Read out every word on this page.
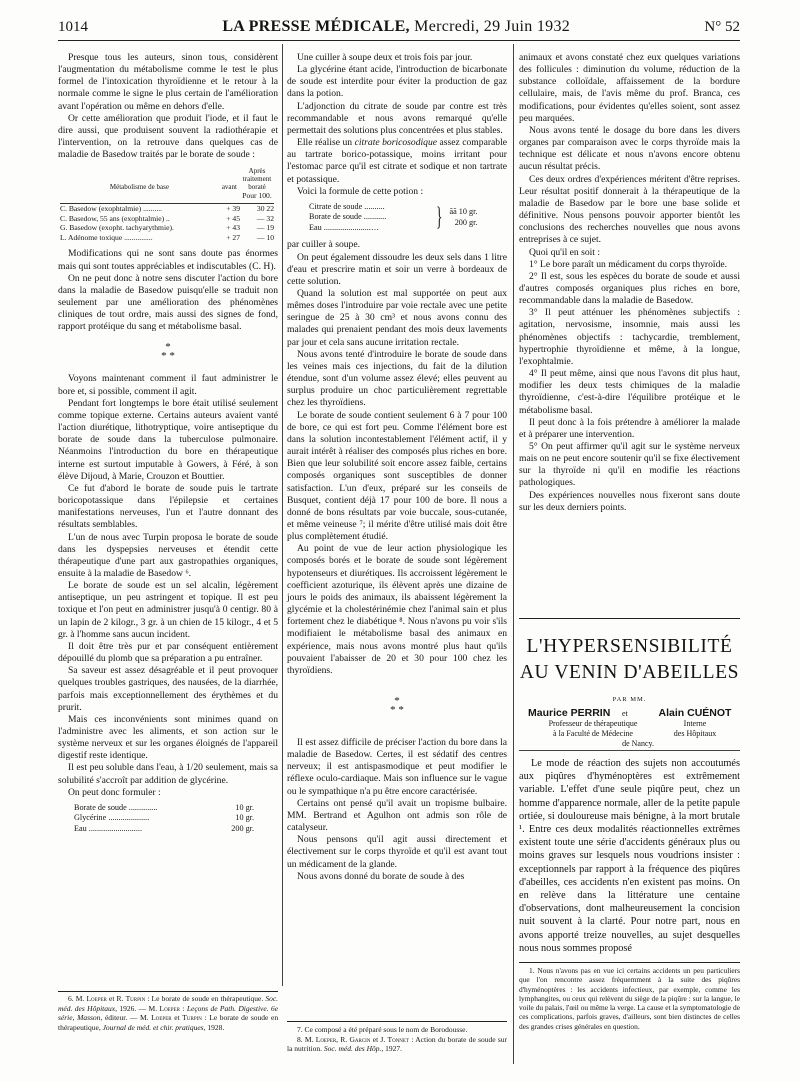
1014	LA PRESSE MÉDICALE, Mercredi, 29 Juin 1932	N° 52

Presque tous les auteurs, sinon tous, considèrent l'augmentation du métabolisme comme le test le plus formel de l'intoxication thyroïdienne et le retour à la normale comme le signe le plus certain de l'amélioration avant l'opération ou même en dehors d'elle.

Or cette amélioration que produit l'iode, et il faut le dire aussi, que produisent souvent la radiothérapie et l'intervention, on la retrouve dans quelques cas de maladie de Basedow traités par le borate de soude :

Métabolisme de base	avant	Après traitement boraté
		Pour 100.
C. Basedow (exophtalmie) ..........	+ 39	30 22
C. Basedow, 55 ans (exophtalmie) ..	+ 45	— 32
G. Basedow (exopht. tachyarythmie).	+ 43	— 19
L. Adénome toxique ...............	+ 27	— 10

Modifications qui ne sont sans doute pas énormes mais qui sont toutes appréciables et indiscutables (C. H).

On ne peut donc à notre sens discuter l'action du bore dans la maladie de Basedow puisqu'elle se traduit non seulement par une amélioration des phénomènes cliniques de tout ordre, mais aussi des signes de fond, rapport protéique du sang et métabolisme basal.

*
* *

Voyons maintenant comment il faut administrer le bore et, si possible, comment il agit.

Pendant fort longtemps le bore était utilisé seulement comme topique externe. Certains auteurs avaient vanté l'action diurétique, lithotryptique, voire antiseptique du borate de soude dans la tuberculose pulmonaire. Néanmoins l'introduction du bore en thérapeutique interne est surtout imputable à Gowers, à Féré, à son élève Dijoud, à Marie, Crouzon et Bouttier.

Ce fut d'abord le borate de soude puis le tartrate boricopotassique dans l'épilepsie et certaines manifestations nerveuses, l'un et l'autre donnant des résultats semblables.

L'un de nous avec Turpin proposa le borate de soude dans les dyspepsies nerveuses et étendit cette thérapeutique d'une part aux gastropathies organiques, ensuite à la maladie de Basedow ⁶.

Le borate de soude est un sel alcalin, légèrement antiseptique, un peu astringent et topique. Il est peu toxique et l'on peut en administrer jusqu'à 0 centigr. 80 à un lapin de 2 kilogr., 3 gr. à un chien de 15 kilogr., 4 et 5 gr. à l'homme sans aucun incident.

Il doit être très pur et par conséquent entièrement dépouillé du plomb que sa préparation a pu entraîner.

Sa saveur est assez désagréable et il peut provoquer quelques troubles gastriques, des nausées, de la diarrhée, parfois mais exceptionnellement des érythèmes et du prurit.

Mais ces inconvénients sont minimes quand on l'administre avec les aliments, et son action sur le système nerveux et sur les organes éloignés de l'appareil digestif reste identique.

Il est peu soluble dans l'eau, à 1/20 seulement, mais sa solubilité s'accroît par addition de glycérine.

On peut donc formuler :

Borate de soude ..............	10 gr.
Glycérine ....................	10 gr.
Eau ..........................	200 gr.

6. M. Loeper et R. Turpin : Le borate de soude en thérapeutique. Soc. méd. des Hôpitaux, 1926. — M. Loeper : Leçons de Path. Digestive. 6e série, Masson, éditeur. — M. Loeper et Turpin : Le borate de soude en thérapeutique, Journal de méd. et chir. pratiques, 1928.

Une cuiller à soupe deux et trois fois par jour.

La glycérine étant acide, l'introduction de bicarbonate de soude est interdite pour éviter la production de gaz dans la potion.

L'adjonction du citrate de soude par contre est très recommandable et nous avons remarqué qu'elle permettait des solutions plus concentrées et plus stables.

Elle réalise un citrate boricosodique assez comparable au tartrate borico-potassique, moins irritant pour l'estomac parce qu'il est citrate et sodique et non tartrate et potassique.

Voici la formule de cette potion :

Citrate de soude ..........
Borate de soude ...........
Eau .......................…	} ãã 10 gr.
200 gr.

par cuiller à soupe.

On peut également dissoudre les deux sels dans 1 litre d'eau et prescrire matin et soir un verre à bordeaux de cette solution.

Quand la solution est mal supportée on peut aux mêmes doses l'introduire par voie rectale avec une petite seringue de 25 à 30 cm³ et nous avons connu des malades qui prenaient pendant des mois deux lavements par jour et cela sans aucune irritation rectale.

Nous avons tenté d'introduire le borate de soude dans les veines mais ces injections, du fait de la dilution étendue, sont d'un volume assez élevé; elles peuvent au surplus produire un choc particulièrement regrettable chez les thyroïdiens.

Le borate de soude contient seulement 6 à 7 pour 100 de bore, ce qui est fort peu. Comme l'élément bore est dans la solution incontestablement l'élément actif, il y aurait intérêt à réaliser des composés plus riches en bore. Bien que leur solubilité soit encore assez faible, certains composés organiques sont susceptibles de donner satisfaction. L'un d'eux, préparé sur les conseils de Busquet, contient déjà 17 pour 100 de bore. Il nous a donné de bons résultats par voie buccale, sous-cutanée, et même veineuse ⁷; il mérite d'être utilisé mais doit être plus complètement étudié.

Au point de vue de leur action physiologique les composés borés et le borate de soude sont légèrement hypotenseurs et diurétiques. Ils accroissent légèrement le coefficient azoturique, ils élèvent après une dizaine de jours le poids des animaux, ils abaissent légèrement la glycémie et la cholestérinémie chez l'animal sain et plus fortement chez le diabétique ⁸. Nous n'avons pu voir s'ils modifiaient le métabolisme basal des animaux en expérience, mais nous avons montré plus haut qu'ils pouvaient l'abaisser de 20 et 30 pour 100 chez les thyroïdiens.

*
* *

Il est assez difficile de préciser l'action du bore dans la maladie de Basedow. Certes, il est sédatif des centres nerveux; il est antispasmodique et peut modifier le réflexe oculo-cardiaque. Mais son influence sur le vague ou le sympathique n'a pu être encore caractérisée.

Certains ont pensé qu'il avait un tropisme bulbaire. MM. Bertrand et Agulhon ont admis son rôle de catalyseur.

Nous pensons qu'il agit aussi directement et électivement sur le corps thyroïde et qu'il est avant tout un médicament de la glande.

Nous avons donné du borate de soude à des

7. Ce composé a été préparé sous le nom de Borodousse.

8. M. Loeper, R. Garcin et J. Tonnet : Action du borate de soude sur la nutrition. Soc. méd. des Hôp., 1927.

animaux et avons constaté chez eux quelques variations des follicules : diminution du volume, réduction de la substance colloïdale, affaissement de la bordure cellulaire, mais, de l'avis même du prof. Branca, ces modifications, pour évidentes qu'elles soient, sont assez peu marquées.

Nous avons tenté le dosage du bore dans les divers organes par comparaison avec le corps thyroïde mais la technique est délicate et nous n'avons encore obtenu aucun résultat précis.

Ces deux ordres d'expériences méritent d'être reprises. Leur résultat positif donnerait à la thérapeutique de la maladie de Basedow par le bore une base solide et définitive. Nous pensons pouvoir apporter bientôt les conclusions des recherches nouvelles que nous avons entreprises à ce sujet.

Quoi qu'il en soit :

1° Le bore paraît un médicament du corps thyroïde.

2° Il est, sous les espèces du borate de soude et aussi d'autres composés organiques plus riches en bore, recommandable dans la maladie de Basedow.

3° Il peut atténuer les phénomènes subjectifs : agitation, nervosisme, insomnie, mais aussi les phénomènes objectifs : tachycardie, tremblement, hypertrophie thyroïdienne et même, à la longue, l'exophtalmie.

4° Il peut même, ainsi que nous l'avons dit plus haut, modifier les deux tests chimiques de la maladie thyroïdienne, c'est-à-dire l'équilibre protéique et le métabolisme basal.

Il peut donc à la fois prétendre à améliorer la malade et à préparer une intervention.

5° On peut affirmer qu'il agit sur le système nerveux mais on ne peut encore soutenir qu'il se fixe électivement sur la thyroïde ni qu'il en modifie les réactions pathologiques.

Des expériences nouvelles nous fixeront sans doute sur les deux derniers points.

L'HYPERSENSIBILITÉ
AU VENIN D'ABEILLES
PAR MM.
Maurice PERRIN
Professeur de thérapeutique
à la Faculté de Médecine
de Nancy.
et	Alain CUÉNOT
Interne
des Hôpitaux

Le mode de réaction des sujets non accoutumés aux piqûres d'hyménoptères est extrêmement variable. L'effet d'une seule piqûre peut, chez un homme d'apparence normale, aller de la petite papule ortiée, si douloureuse mais bénigne, à la mort brutale ¹. Entre ces deux modalités réactionnelles extrêmes existent toute une série d'accidents généraux plus ou moins graves sur lesquels nous voudrions insister : exceptionnels par rapport à la fréquence des piqûres d'abeilles, ces accidents n'en existent pas moins. On en relève dans la littérature une centaine d'observations, dont malheureusement la concision nuit souvent à la clarté. Pour notre part, nous en avons apporté treize nouvelles, au sujet desquelles nous nous sommes proposé

1. Nous n'avons pas en vue ici certains accidents un peu particuliers que l'on rencontre assez fréquemment à la suite des piqûres d'hyménoptères : les accidents infectieux, par exemple, comme les lymphangites, ou ceux qui relèvent du siège de la piqûre : sur la langue, le voile du palais, l'œil ou même la verge. La cause et la symptomatologie de ces complications, parfois graves, d'ailleurs, sont bien distinctes de celles des grandes crises générales en question.
